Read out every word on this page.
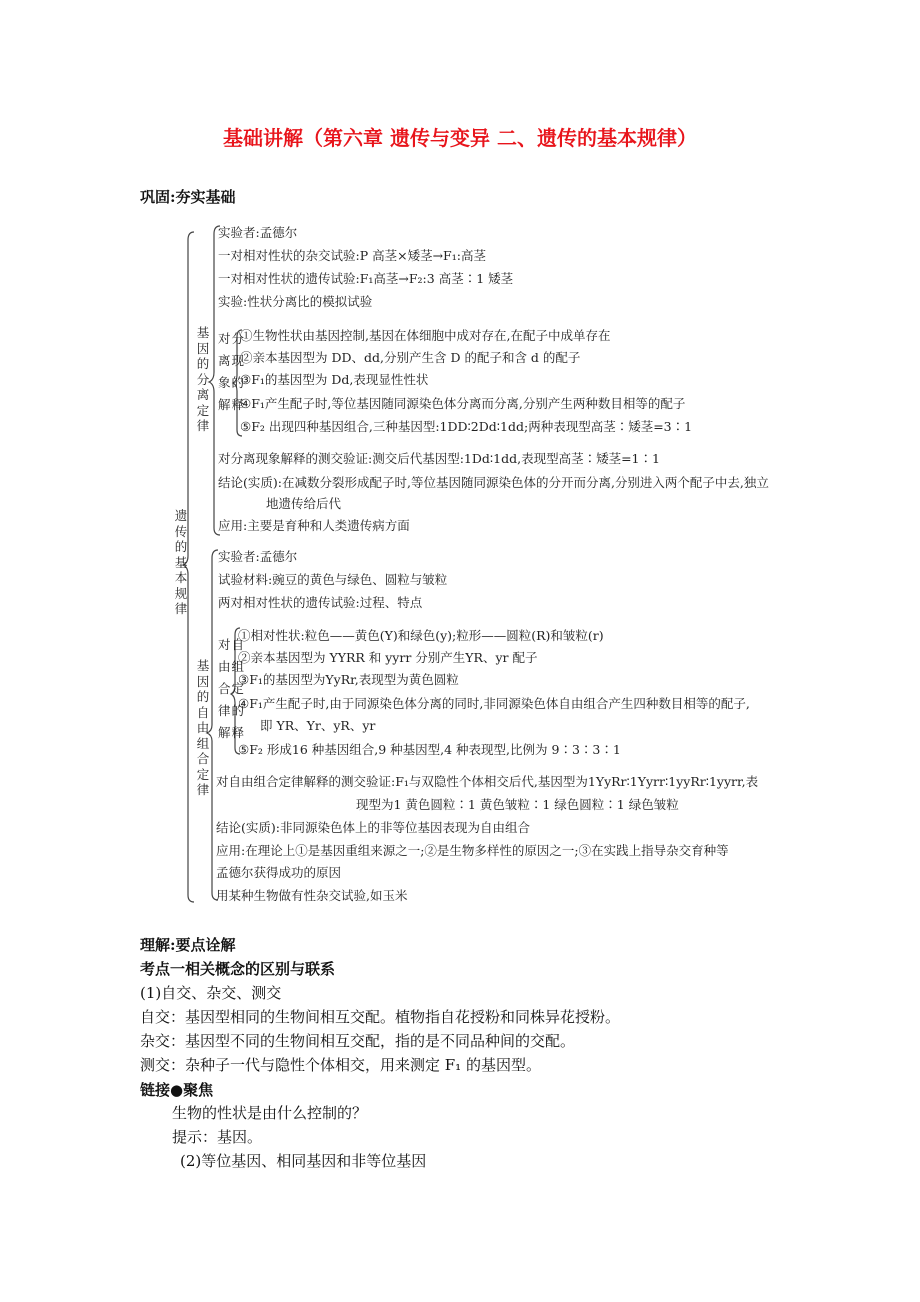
基础讲解（第六章 遗传与变异 二、遗传的基本规律）
巩固:夯实基础
遗传的基本规律
基因的分离定律
对分离现象的解释
基因的自由组合定律
对自由组合定律的解释
实验者:孟德尔
一对相对性状的杂交试验:P 高茎×矮茎→F₁:高茎
一对相对性状的遗传试验:F₁高茎→F₂:3 高茎∶1 矮茎
实验:性状分离比的模拟试验
①生物性状由基因控制,基因在体细胞中成对存在,在配子中成单存在
②亲本基因型为 DD、dd,分别产生含 D 的配子和含 d 的配子
③F₁的基因型为 Dd,表现显性性状
④F₁产生配子时,等位基因随同源染色体分离而分离,分别产生两种数目相等的配子
⑤F₂ 出现四种基因组合,三种基因型:1DD∶2Dd∶1dd;两种表现型高茎∶矮茎=3∶1
对分离现象解释的测交验证:测交后代基因型:1Dd∶1dd,表现型高茎∶矮茎=1∶1
结论(实质):在减数分裂形成配子时,等位基因随同源染色体的分开而分离,分别进入两个配子中去,独立
地遗传给后代
应用:主要是育种和人类遗传病方面
实验者:孟德尔
试验材料:豌豆的黄色与绿色、圆粒与皱粒
两对相对性状的遗传试验:过程、特点
①相对性状:粒色——黄色(Y)和绿色(y);粒形——圆粒(R)和皱粒(r)
②亲本基因型为 YYRR 和 yyrr 分别产生YR、yr 配子
③F₁的基因型为YyRr,表现型为黄色圆粒
④F₁产生配子时,由于同源染色体分离的同时,非同源染色体自由组合产生四种数目相等的配子,
即 YR、Yr、yR、yr
⑤F₂ 形成16 种基因组合,9 种基因型,4 种表现型,比例为 9∶3∶3∶1
对自由组合定律解释的测交验证:F₁与双隐性个体相交后代,基因型为1YyRr∶1Yyrr∶1yyRr∶1yyrr,表
现型为1 黄色圆粒∶1 黄色皱粒∶1 绿色圆粒∶1 绿色皱粒
结论(实质):非同源染色体上的非等位基因表现为自由组合
应用:在理论上①是基因重组来源之一;②是生物多样性的原因之一;③在实践上指导杂交育种等
孟德尔获得成功的原因
用某种生物做有性杂交试验,如玉米
理解:要点诠解
考点一相关概念的区别与联系
(1)自交、杂交、测交
自交：基因型相同的生物间相互交配。植物指自花授粉和同株异花授粉。
杂交：基因型不同的生物间相互交配，指的是不同品种间的交配。
测交：杂种子一代与隐性个体相交，用来测定 F₁ 的基因型。
链接●聚焦
生物的性状是由什么控制的？
提示：基因。
(2)等位基因、相同基因和非等位基因
